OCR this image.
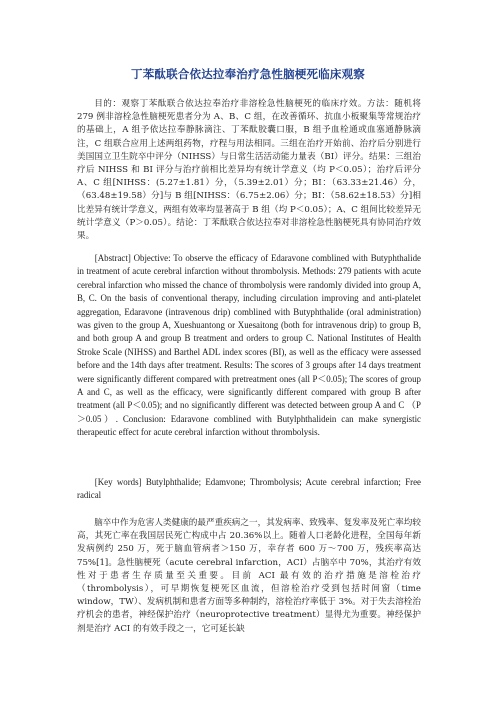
丁苯酞联合依达拉奉治疗急性脑梗死临床观察

目的：观察丁苯酞联合依达拉奉治疗非溶栓急性脑梗死的临床疗效。方法：随机将 279 例非溶栓急性脑梗死患者分为 A、B、C 组，在改善循环、抗血小板聚集等常规治疗的基础上，A 组予依达拉奉静脉滴注、丁苯酞胶囊口服，B 组予血栓通或血塞通静脉滴注，C 组联合应用上述两组药物，疗程与用法相同。三组在治疗开始前、治疗后分别进行美国国立卫生院卒中评分（NIHSS）与日常生活活动能力量表（BI）评分。结果：三组治疗后 NIHSS 和 BI 评分与治疗前相比差异均有统计学意义（均 P＜0.05）；治疗后评分 A、C 组[NIHSS：(5.27±1.81）分，（5.39±2.01）分；BI：（63.33±21.46）分，（63.48±19.58）分]与 B 组[NIHSS：（6.75±2.06）分；BI：（58.62±18.53）分]相比差异有统计学意义，两组有效率均显著高于 B 组（均 P＜0.05）；A、C 组间比较差异无统计学意义（P＞0.05）。结论：丁苯酞联合依达拉奉对非溶栓急性脑梗死具有协同治疗效果。

[Abstract] Objective: To observe the efficacy of Edaravone comblined with Butyphthalide in treatment of acute cerebral infarction without thrombolysis. Methods: 279 patients with acute cerebral infarction who missed the chance of thrombolysis were randomly divided into group A, B, C. On the basis of conventional therapy, including circulation improving and anti-platelet aggregation, Edaravone (intravenous drip) comblined with Butyphthalide (oral administration) was given to the group A, Xueshuantong or Xuesaitong (both for intravenous drip) to group B, and both group A and group B treatment and orders to group C. National Institutes of Health Stroke Scale (NIHSS) and Barthel ADL index scores (BI), as well as the efficacy were assessed before and the 14th days after treatment. Results: The scores of 3 groups after 14 days treatment were significantly different compared with pretreatment ones (all P＜0.05); The scores of group A and C, as well as the efficacy, were significantly different compared with group B after treatment (all P＜0.05); and no significantly different was detected between group A and C （P＞0.05）. Conclusion: Edaravone comblined with Butylphthalidein can make synergistic therapeutic effect for acute cerebral infarction without thrombolysis.

[Key words] Butylphthalide; Edamvone; Thrombolysis; Acute cerebral infarction; Free radical

脑卒中作为危害人类健康的最严重疾病之一，其发病率、致残率、复发率及死亡率均较高，其死亡率在我国居民死亡构成中占 20.36%以上。随着人口老龄化进程，全国每年新发病例约 250 万，死于脑血管病者＞150 万，幸存者 600 万～700 万，残疾率高达 75%[1]。急性脑梗死（acute cerebral infarction，ACI）占脑卒中 70%，其治疗有效性对于患者生存质量至关重要。目前 ACI 最有效的治疗措施是溶栓治疗（thrombolysis），可早期恢复梗死区血流，但溶栓治疗受到包括时间窗（time window，TW）、发病机制和患者方面等多种制约，溶栓治疗率低于 3%。对于失去溶栓治疗机会的患者，神经保护治疗（neuroprotective treatment）显得尤为重要。神经保护剂是治疗 ACI 的有效手段之一，它可延长缺
